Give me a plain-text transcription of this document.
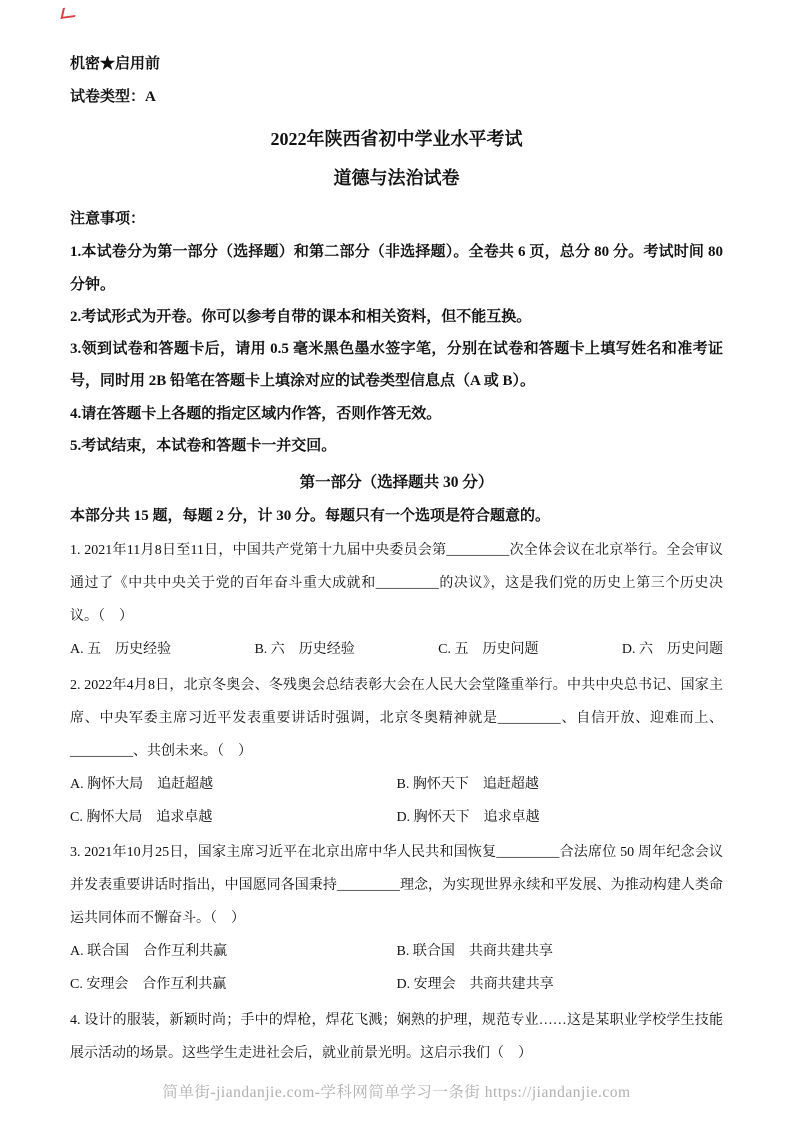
机密★启用前

试卷类型：A

2022年陕西省初中学业水平考试

道德与法治试卷

注意事项：

1.本试卷分为第一部分（选择题）和第二部分（非选择题）。全卷共 6 页，总分 80 分。考试时间 80 分钟。

2.考试形式为开卷。你可以参考自带的课本和相关资料，但不能互换。

3.领到试卷和答题卡后，请用 0.5 毫米黑色墨水签字笔，分别在试卷和答题卡上填写姓名和准考证号，同时用 2B 铅笔在答题卡上填涂对应的试卷类型信息点（A 或 B）。

4.请在答题卡上各题的指定区域内作答，否则作答无效。

5.考试结束，本试卷和答题卡一并交回。

第一部分（选择题共 30 分）

本部分共 15 题，每题 2 分，计 30 分。每题只有一个选项是符合题意的。

1. 2021年11月8日至11日，中国共产党第十九届中央委员会第_________次全体会议在北京举行。全会审议通过了《中共中央关于党的百年奋斗重大成就和_________的决议》，这是我们党的历史上第三个历史决议。（　）

A. 五　历史经验	B. 六　历史经验	C. 五　历史问题	D. 六　历史问题

2. 2022年4月8日，北京冬奥会、冬残奥会总结表彰大会在人民大会堂隆重举行。中共中央总书记、国家主席、中央军委主席习近平发表重要讲话时强调，北京冬奥精神就是_________、自信开放、迎难而上、_________、共创未来。（　）

A. 胸怀大局　追赶超越	B. 胸怀天下　追赶超越
C. 胸怀大局　追求卓越	D. 胸怀天下　追求卓越

3. 2021年10月25日，国家主席习近平在北京出席中华人民共和国恢复_________合法席位 50 周年纪念会议并发表重要讲话时指出，中国愿同各国秉持_________理念，为实现世界永续和平发展、为推动构建人类命运共同体而不懈奋斗。（　）

A. 联合国　合作互利共赢	B. 联合国　共商共建共享
C. 安理会　合作互利共赢	D. 安理会　共商共建共享

4. 设计的服装，新颖时尚；手中的焊枪，焊花飞溅；娴熟的护理，规范专业……这是某职业学校学生技能展示活动的场景。这些学生走进社会后，就业前景光明。这启示我们（　）

简单街-jiandanjie.com-学科网简单学习一条街 https://jiandanjie.com
